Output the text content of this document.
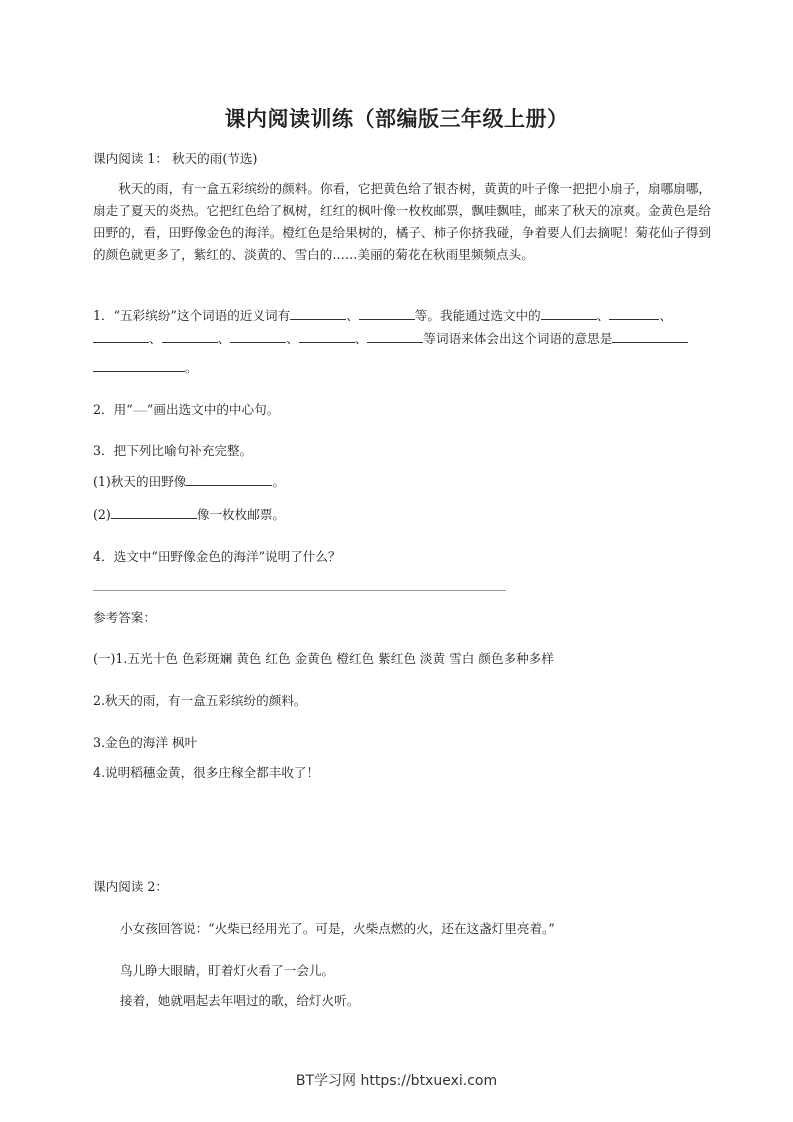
课内阅读训练（部编版三年级上册）
课内阅读 1： 秋天的雨(节选)

秋天的雨，有一盒五彩缤纷的颜料。你看，它把黄色给了银杏树，黄黄的叶子像一把把小扇子，扇哪扇哪，扇走了夏天的炎热。它把红色给了枫树，红红的枫叶像一枚枚邮票，飘哇飘哇，邮来了秋天的凉爽。金黄色是给田野的，看，田野像金色的海洋。橙红色是给果树的，橘子、柿子你挤我碰，争着要人们去摘呢！菊花仙子得到的颜色就更多了，紫红的、淡黄的、雪白的……美丽的菊花在秋雨里频频点头。

1．“五彩缤纷”这个词语的近义词有	、	等。我能通过选文中的	、	、
、	、	、	、	等词语来体会出这个词语的意思是
。
2．用“------”画出选文中的中心句。
3．把下列比喻句补充完整。
(1)秋天的田野像	。
(2)	像一枚枚邮票。
4．选文中“田野像金色的海洋”说明了什么？
参考答案：
(一)1.五光十色 色彩斑斓 黄色 红色 金黄色 橙红色 紫红色 淡黄 雪白 颜色多种多样
2.秋天的雨，有一盒五彩缤纷的颜料。
3.金色的海洋 枫叶
4.说明稻穗金黄，很多庄稼全都丰收了！
课内阅读 2：
小女孩回答说：“火柴已经用光了。可是，火柴点燃的火，还在这盏灯里亮着。”
鸟儿睁大眼睛，盯着灯火看了一会儿。
接着，她就唱起去年唱过的歌，给灯火听。
BT学习网 https://btxuexi.com
